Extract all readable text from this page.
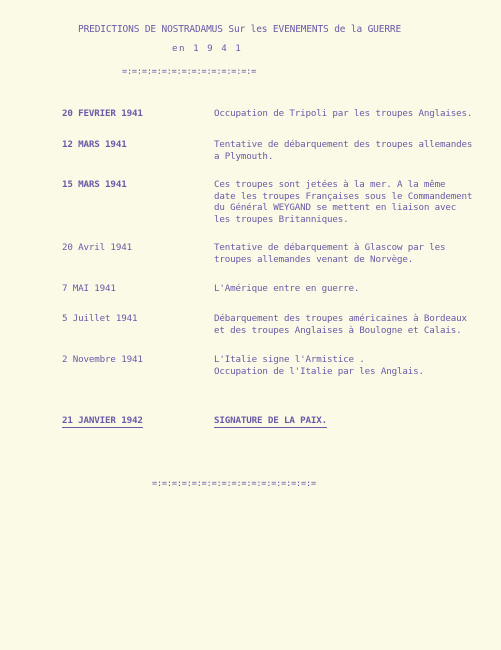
PREDICTIONS DE NOSTRADAMUS Sur les EVENEMENTS de la GUERRE
en 1 9 4 1
=:=:=:=:=:=:=:=:=:=:=:=:=:=
20 FEVRIER 1941	Occupation de Tripoli par les troupes Anglaises.
12 MARS 1941	Tentative de débarquement des troupes allemandes
a Plymouth.
15 MARS 1941	Ces troupes sont jetées à la mer. A la même
date les troupes Françaises sous le Commandement
du Général WEYGAND se mettent en liaison avec
les troupes Britanniques.
20 Avril 1941	Tentative de débarquement à Glascow par les
troupes allemandes venant de Norvège.
7 MAI 1941	L'Amérique entre en guerre.
5 Juillet 1941	Débarquement des troupes américaines à Bordeaux
et des troupes Anglaises à Boulogne et Calais.
2 Novembre 1941	L'Italie signe l'Armistice .
Occupation de l'Italie par les Anglais.
21 JANVIER 1942	SIGNATURE DE LA PAIX.
=:=:=:=:=:=:=:=:=:=:=:=:=:=:=:=:=
